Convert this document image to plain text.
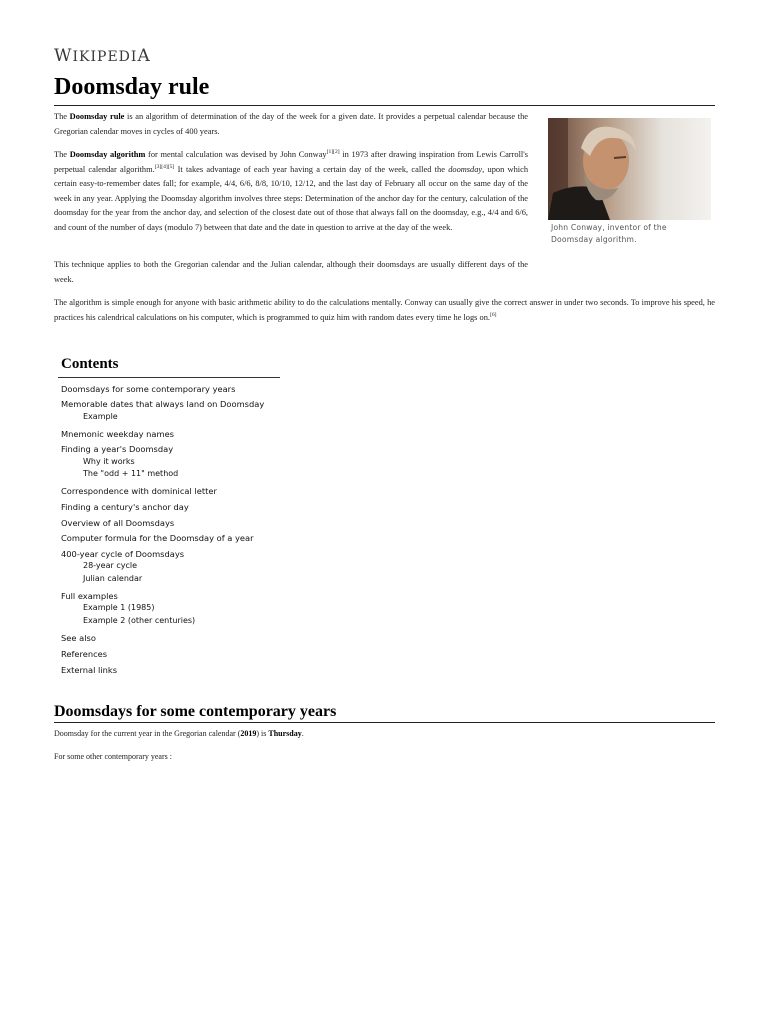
WIKIPEDIA
Doomsday rule

The Doomsday rule is an algorithm of determination of the day of the week for a given date. It provides a perpetual calendar because the Gregorian calendar moves in cycles of 400 years.

The Doomsday algorithm for mental calculation was devised by John Conway[1][2] in 1973 after drawing inspiration from Lewis Carroll's perpetual calendar algorithm.[3][4][5] It takes advantage of each year having a certain day of the week, called the doomsday, upon which certain easy-to-remember dates fall; for example, 4/4, 6/6, 8/8, 10/10, 12/12, and the last day of February all occur on the same day of the week in any year. Applying the Doomsday algorithm involves three steps: Determination of the anchor day for the century, calculation of the doomsday for the year from the anchor day, and selection of the closest date out of those that always fall on the doomsday, e.g., 4/4 and 6/6, and count of the number of days (modulo 7) between that date and the date in question to arrive at the day of the week.

This technique applies to both the Gregorian calendar and the Julian calendar, although their doomsdays are usually different days of the week.

The algorithm is simple enough for anyone with basic arithmetic ability to do the calculations mentally. Conway can usually give the correct answer in under two seconds. To improve his speed, he practices his calendrical calculations on his computer, which is programmed to quiz him with random dates every time he logs on.[6]

John Conway, inventor of the Doomsday algorithm.
Contents
Doomsdays for some contemporary years
Memorable dates that always land on Doomsday
Example
Mnemonic weekday names
Finding a year's Doomsday
Why it works
The "odd + 11" method
Correspondence with dominical letter
Finding a century's anchor day
Overview of all Doomsdays
Computer formula for the Doomsday of a year
400-year cycle of Doomsdays
28-year cycle
Julian calendar
Full examples
Example 1 (1985)
Example 2 (other centuries)
See also
References
External links
Doomsdays for some contemporary years
Doomsday for the current year in the Gregorian calendar (2019) is Thursday.
For some other contemporary years :
